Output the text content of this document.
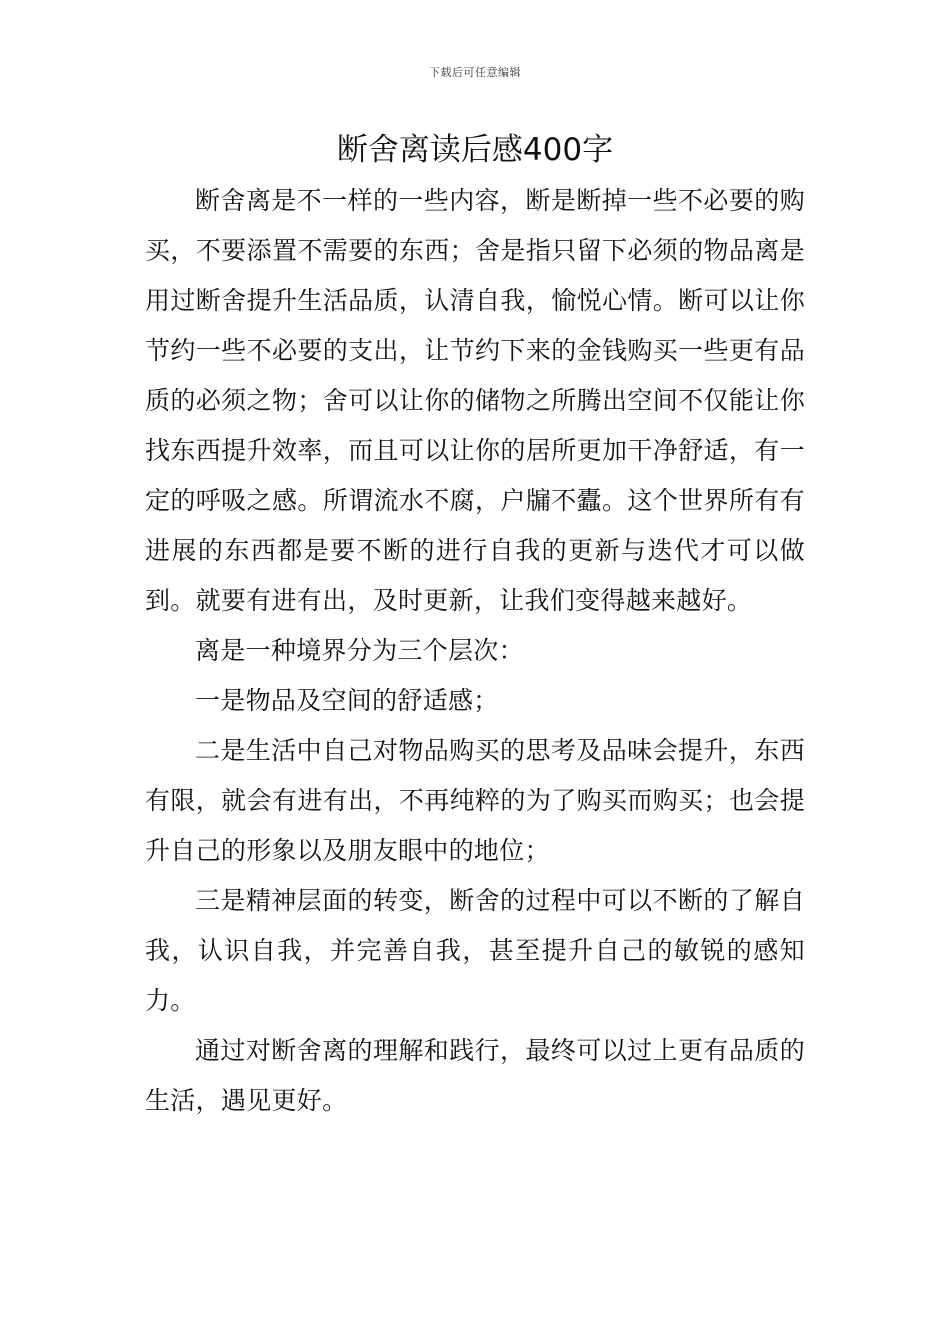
下载后可任意编辑
断舍离读后感400字

断舍离是不一样的一些内容，断是断掉一些不必要的购买，不要添置不需要的东西；舍是指只留下必须的物品离是用过断舍提升生活品质，认清自我，愉悦心情。断可以让你节约一些不必要的支出，让节约下来的金钱购买一些更有品质的必须之物；舍可以让你的储物之所腾出空间不仅能让你找东西提升效率，而且可以让你的居所更加干净舒适，有一定的呼吸之感。所谓流水不腐，户牖不蠹。这个世界所有有进展的东西都是要不断的进行自我的更新与迭代才可以做到。就要有进有出，及时更新，让我们变得越来越好。

离是一种境界分为三个层次：

一是物品及空间的舒适感；

二是生活中自己对物品购买的思考及品味会提升，东西有限，就会有进有出，不再纯粹的为了购买而购买；也会提升自己的形象以及朋友眼中的地位；

三是精神层面的转变，断舍的过程中可以不断的了解自我，认识自我，并完善自我，甚至提升自己的敏锐的感知力。

通过对断舍离的理解和践行，最终可以过上更有品质的生活，遇见更好。
